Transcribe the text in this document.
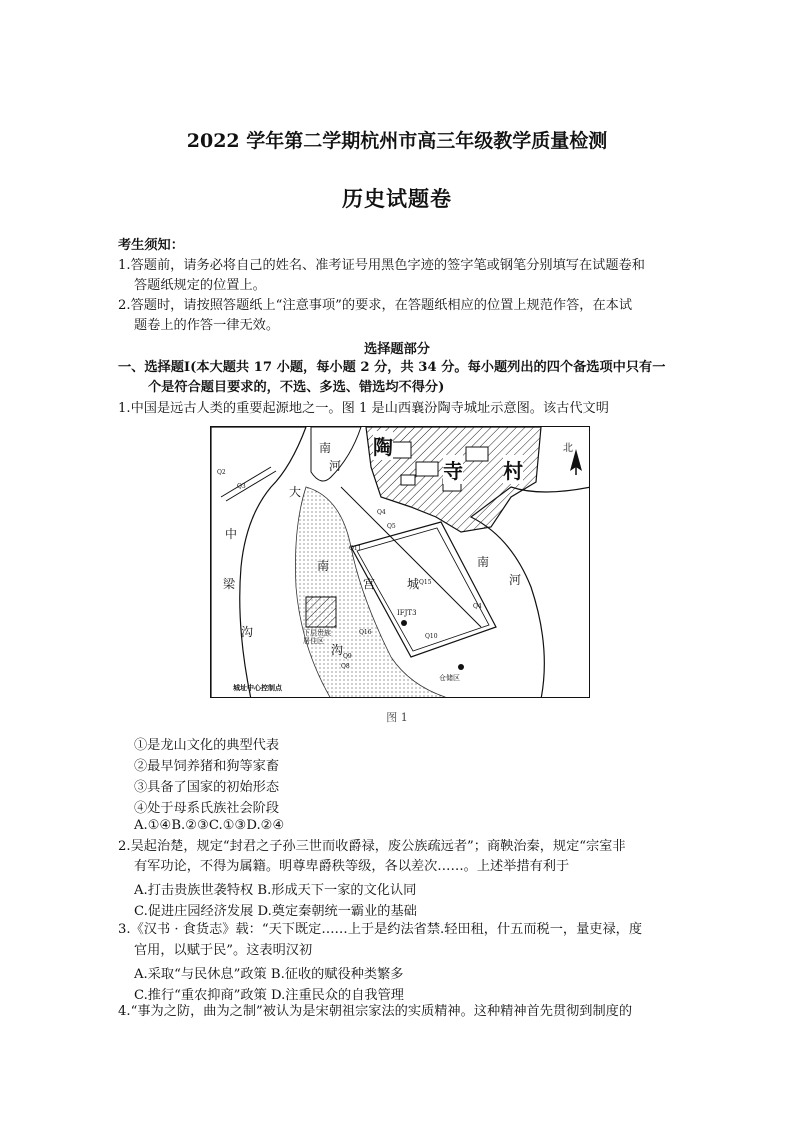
2022 学年第二学期杭州市高三年级教学质量检测
历史试题卷
考生须知：
1.答题前，请务必将自己的姓名、准考证号用黑色字迹的签字笔或钢笔分别填写在试题卷和
答题纸规定的位置上。
2.答题时，请按照答题纸上“注意事项”的要求，在答题纸相应的位置上规范作答，在本试
题卷上的作答一律无效。
选择题部分
一、选择题Ⅰ(本大题共 17 小题，每小题 2 分，共 34 分。每小题列出的四个备选项中只有一
个是符合题目要求的，不选、多选、错选均不得分)
1.中国是远古人类的重要起源地之一。图 1 是山西襄汾陶寺城址示意图。该古代文明
北
陶
寺 村
南
河
大
中
梁
沟
南
宫	城
南
河
沟
IFJT3
下层贵族
居住区
仓储区
城址中心控制点
Q2
Q3
Q4
Q5
Q11
Q15
Q16
Q10
Q9
Q8
Q4
图 1
①是龙山文化的典型代表
②最早饲养猪和狗等家畜
③具备了国家的初始形态
④处于母系氏族社会阶段
A.①④B.②③C.①③D.②④
2.吴起治楚，规定“封君之子孙三世而收爵禄，废公族疏远者”；商鞅治秦，规定“宗室非
有军功论，不得为属籍。明尊卑爵秩等级，各以差次……。上述举措有利于
A.打击贵族世袭特权 B.形成天下一家的文化认同
C.促进庄园经济发展 D.奠定秦朝统一霸业的基础
3.《汉书 · 食货志》载：“天下既定……上于是约法省禁.轻田租，什五而税一，量吏禄，度
官用，以赋于民”。这表明汉初
A.采取“与民休息”政策 B.征收的赋役种类繁多
C.推行“重农抑商”政策 D.注重民众的自我管理
4.“事为之防，曲为之制”被认为是宋朝祖宗家法的实质精神。这种精神首先贯彻到制度的
